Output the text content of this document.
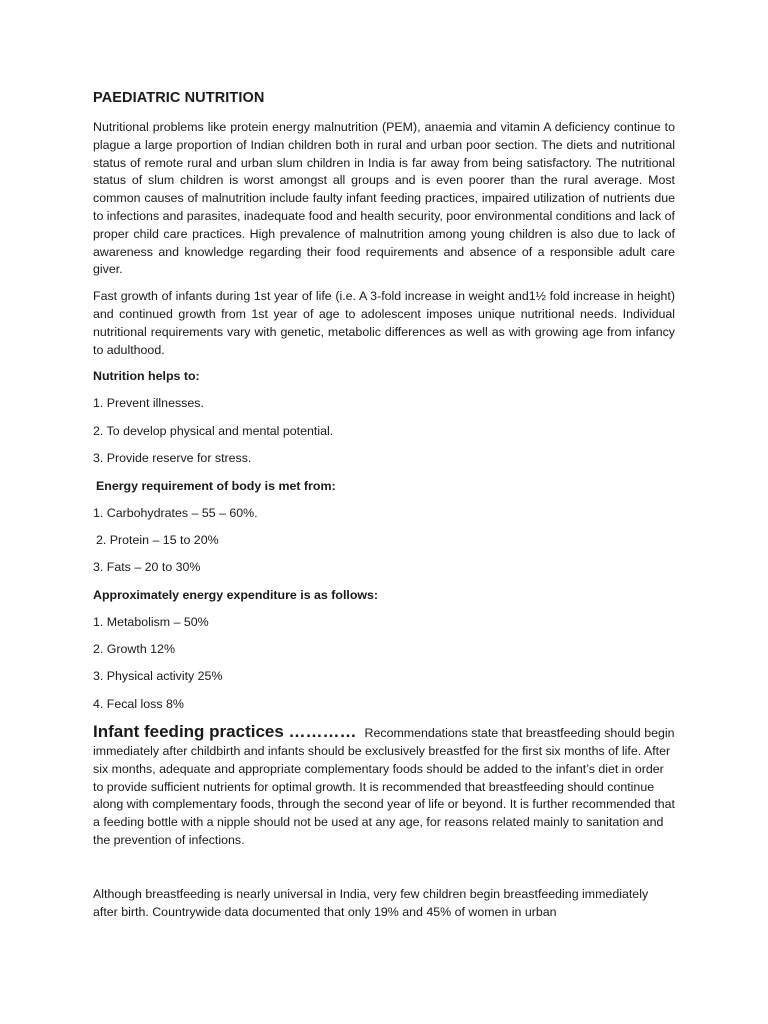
PAEDIATRIC NUTRITION

Nutritional problems like protein energy malnutrition (PEM), anaemia and vitamin A deficiency continue to plague a large proportion of Indian children both in rural and urban poor section. The diets and nutritional status of remote rural and urban slum children in India is far away from being satisfactory. The nutritional status of slum children is worst amongst all groups and is even poorer than the rural average. Most common causes of malnutrition include faulty infant feeding practices, impaired utilization of nutrients due to infections and parasites, inadequate food and health security, poor environmental conditions and lack of proper child care practices. High prevalence of malnutrition among young children is also due to lack of awareness and knowledge regarding their food requirements and absence of a responsible adult care giver.

Fast growth of infants during 1st year of life (i.e. A 3-fold increase in weight and1½ fold increase in height) and continued growth from 1st year of age to adolescent imposes unique nutritional needs. Individual nutritional requirements vary with genetic, metabolic differences as well as with growing age from infancy to adulthood.

Nutrition helps to:
1. Prevent illnesses.
2. To develop physical and mental potential.
3. Provide reserve for stress.
Energy requirement of body is met from:
1. Carbohydrates – 55 – 60%.
2. Protein – 15 to 20%
3. Fats – 20 to 30%
Approximately energy expenditure is as follows:
1. Metabolism – 50%
2. Growth 12%
3. Physical activity 25%
4. Fecal loss 8%
Infant feeding practices ………… Recommendations state that breastfeeding should begin immediately after childbirth and infants should be exclusively breastfed for the first six months of life. After six months, adequate and appropriate complementary foods should be added to the infant’s diet in order to provide sufficient nutrients for optimal growth. It is recommended that breastfeeding should continue along with complementary foods, through the second year of life or beyond. It is further recommended that a feeding bottle with a nipple should not be used at any age, for reasons related mainly to sanitation and the prevention of infections.

Although breastfeeding is nearly universal in India, very few children begin breastfeeding immediately after birth. Countrywide data documented that only 19% and 45% of women in urban
